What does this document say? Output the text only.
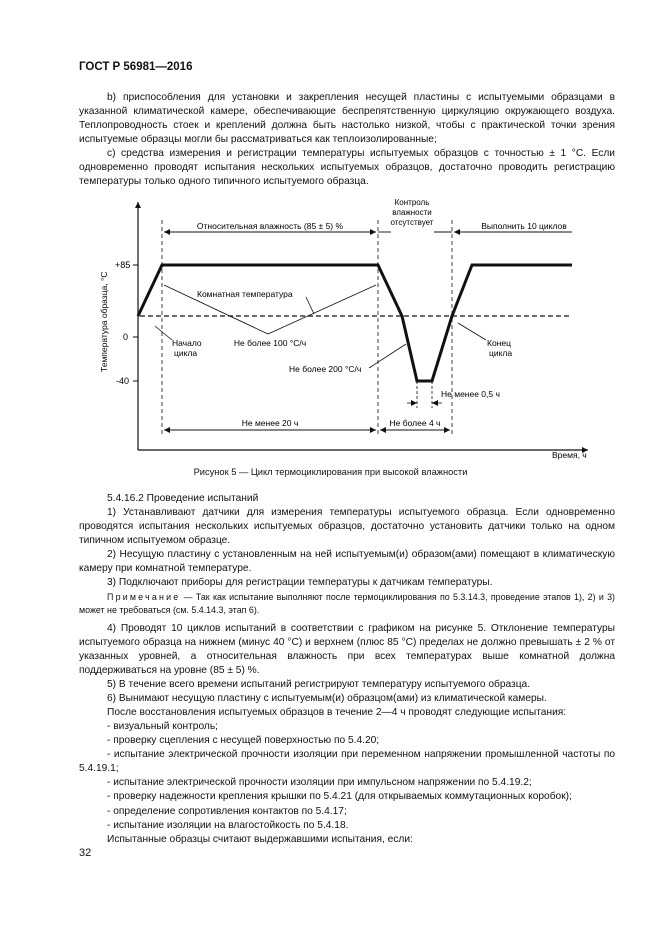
ГОСТ Р 56981—2016

b) приспособления для установки и закрепления несущей пластины с испытуемыми образцами в указанной климатической камере, обеспечивающие беспрепятственную циркуляцию окружающего воздуха. Теплопроводность стоек и креплений должна быть настолько низкой, чтобы с практической точки зрения испытуемые образцы могли бы рассматриваться как теплоизолированные;

c) средства измерения и регистрации температуры испытуемых образцов с точностью ± 1 °C. Если одновременно проводят испытания нескольких испытуемых образцов, достаточно проводить регистрацию температуры только одного типичного испытуемого образца.

+85
0
-40
Температура образца, °C
Относительная влажность (85 ± 5) %	Выполнить 10 циклов
Контроль
влажности
отсутствует
Комнатная температура
Не более 100 °C/ч
Начало
цикла
Не более 200 °C/ч
Конец
цикла
Не менее 0,5 ч
Не менее 20 ч	Не более 4 ч
Время, ч
Рисунок 5 — Цикл термоциклирования при высокой влажности

5.4.16.2 Проведение испытаний

1) Устанавливают датчики для измерения температуры испытуемого образца. Если одновременно проводятся испытания нескольких испытуемых образцов, достаточно установить датчики только на одном типичном испытуемом образце.

2) Несущую пластину с установленным на ней испытуемым(и) образом(ами) помещают в климатическую камеру при комнатной температуре.

3) Подключают приборы для регистрации температуры к датчикам температуры.

Примечание — Так как испытание выполняют после термоциклирования по 5.3.14.3, проведение этапов 1), 2) и 3) может не требоваться (см. 5.4.14.3, этап 6).

4) Проводят 10 циклов испытаний в соответствии с графиком на рисунке 5. Отклонение температуры испытуемого образца на нижнем (минус 40 °C) и верхнем (плюс 85 °C) пределах не должно превышать ± 2 % от указанных уровней, а относительная влажность при всех температурах выше комнатной должна поддерживаться на уровне (85 ± 5) %.

5) В течение всего времени испытаний регистрируют температуру испытуемого образца.

6) Вынимают несущую пластину с испытуемым(и) образцом(ами) из климатической камеры.

После восстановления испытуемых образцов в течение 2—4 ч проводят следующие испытания:

- визуальный контроль;
- проверку сцепления с несущей поверхностью по 5.4.20;
- испытание электрической прочности изоляции при переменном напряжении промышленной частоты по 5.4.19.1;
- испытание электрической прочности изоляции при импульсном напряжении по 5.4.19.2;
- проверку надежности крепления крышки по 5.4.21 (для открываемых коммутационных коробок);
- определение сопротивления контактов по 5.4.17;
- испытание изоляции на влагостойкость по 5.4.18.

Испытанные образцы считают выдержавшими испытания, если:

32
